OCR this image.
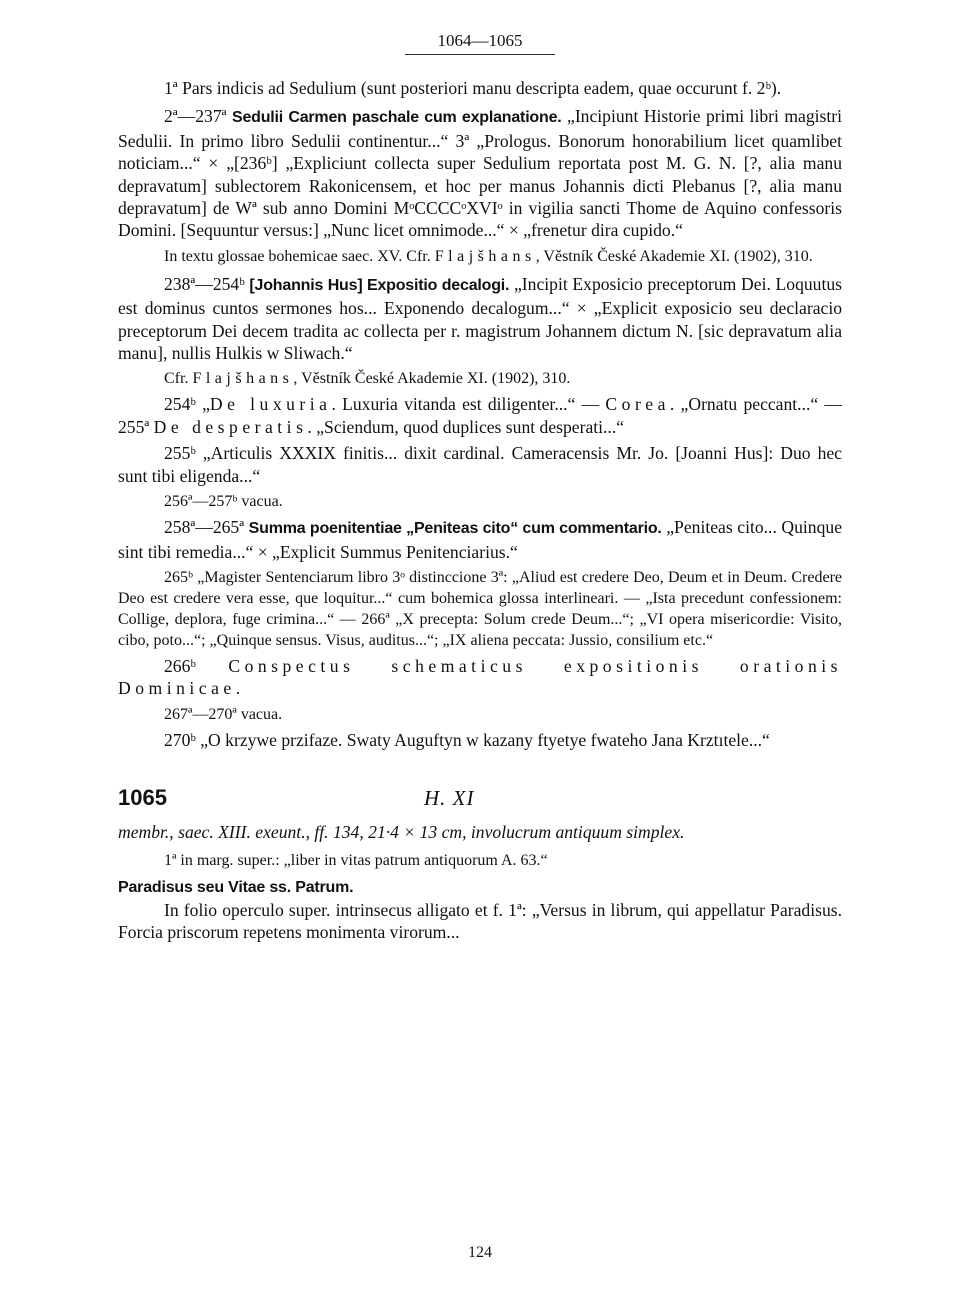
1064—1065

1ª Pars indicis ad Sedulium (sunt posteriori manu descripta eadem, quae occurunt f. 2ᵇ).

2ª—237ª Sedulii Carmen paschale cum explanatione. „Incipiunt Historie primi libri magistri Sedulii. In primo libro Sedulii continentur...“ 3ª „Prologus. Bonorum honorabilium licet quamlibet noticiam...“ × „[236ᵇ] „Expliciunt collecta super Sedulium reportata post M. G. N. [?, alia manu depravatum] sublectorem Rakonicensem, et hoc per manus Johannis dicti Plebanus [?, alia manu depravatum] de Wª sub anno Domini MᵒCCCCᵒXVIᵒ in vigilia sancti Thome de Aquino confessoris Domini. [Sequuntur versus:] „Nunc licet omnimode...“ × „frenetur dira cupido.“

In textu glossae bohemicae saec. XV. Cfr. Flajšhans, Věstník České Akademie XI. (1902), 310.

238ª—254ᵇ [Johannis Hus] Expositio decalogi. „Incipit Exposicio preceptorum Dei. Loquutus est dominus cuntos sermones hos... Exponendo decalogum...“ × „Explicit exposicio seu declaracio preceptorum Dei decem tradita ac collecta per r. magistrum Johannem dictum N. [sic depravatum alia manu], nullis Hulkis w Sliwach.“

Cfr. Flajšhans, Věstník České Akademie XI. (1902), 310.

254ᵇ „De luxuria. Luxuria vitanda est diligenter...“ — Corea. „Ornatu peccant...“ — 255ª De desperatis. „Sciendum, quod duplices sunt desperati...“

255ᵇ „Articulis XXXIX finitis... dixit cardinal. Cameracensis Mr. Jo. [Joanni Hus]: Duo hec sunt tibi eligenda...“

256ª—257ᵇ vacua.

258ª—265ª Summa poenitentiae „Peniteas cito“ cum commentario. „Peniteas cito... Quinque sint tibi remedia...“ × „Explicit Summus Penitenciarius.“

265ᵇ „Magister Sentenciarum libro 3ᵒ distinccione 3ª: „Aliud est credere Deo, Deum et in Deum. Credere Deo est credere vera esse, que loquitur...“ cum bohemica glossa interlineari. — „Ista precedunt confessionem: Collige, deplora, fuge crimina...“ — 266ª „X precepta: Solum crede Deum...“; „VI opera misericordie: Visito, cibo, poto...“; „Quinque sensus. Visus, auditus...“; „IX aliena peccata: Jussio, consilium etc.“

266ᵇ Conspectus schematicus expositionis orationis Dominicae.

267ª—270ª vacua.

270ᵇ „O krzywe przifaze. Swaty Auguftyn w kazany ftyetye fwateho Jana Krztıtele...“

1065	H. XI

membr., saec. XIII. exeunt., ff. 134, 21·4 × 13 cm, involucrum antiquum simplex.

1ª in marg. super.: „liber in vitas patrum antiquorum A. 63.“

Paradisus seu Vitae ss. Patrum.

In folio operculo super. intrinsecus alligato et f. 1ª: „Versus in librum, qui appellatur Paradisus. Forcia priscorum repetens monimenta virorum...

124
